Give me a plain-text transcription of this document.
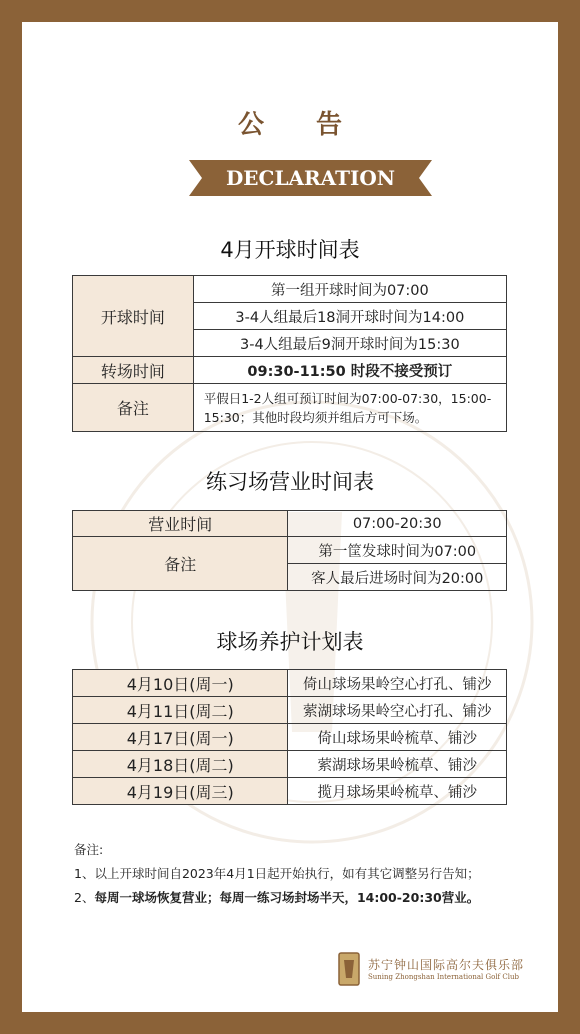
公告
DECLARATION
4月开球时间表
开球时间	第一组开球时间为07:00
	3-4人组最后18洞开球时间为14:00
	3-4人组最后9洞开球时间为15:30
转场时间	09:30-11:50 时段不接受预订
备注	平假日1-2人组可预订时间为07:00-07:30，15:00-15:30；其他时段均须并组后方可下场。
练习场营业时间表
营业时间	07:00-20:30
备注	第一筐发球时间为07:00
	客人最后进场时间为20:00
球场养护计划表
4月10日(周一)	倚山球场果岭空心打孔、铺沙
4月11日(周二)	萦湖球场果岭空心打孔、铺沙
4月17日(周一)	倚山球场果岭梳草、铺沙
4月18日(周二)	萦湖球场果岭梳草、铺沙
4月19日(周三)	揽月球场果岭梳草、铺沙
备注:
1、以上开球时间自2023年4月1日起开始执行，如有其它调整另行告知；
2、每周一球场恢复营业；每周一练习场封场半天，14:00-20:30营业。
苏宁钟山国际高尔夫俱乐部
Suning Zhongshan International Golf Club
